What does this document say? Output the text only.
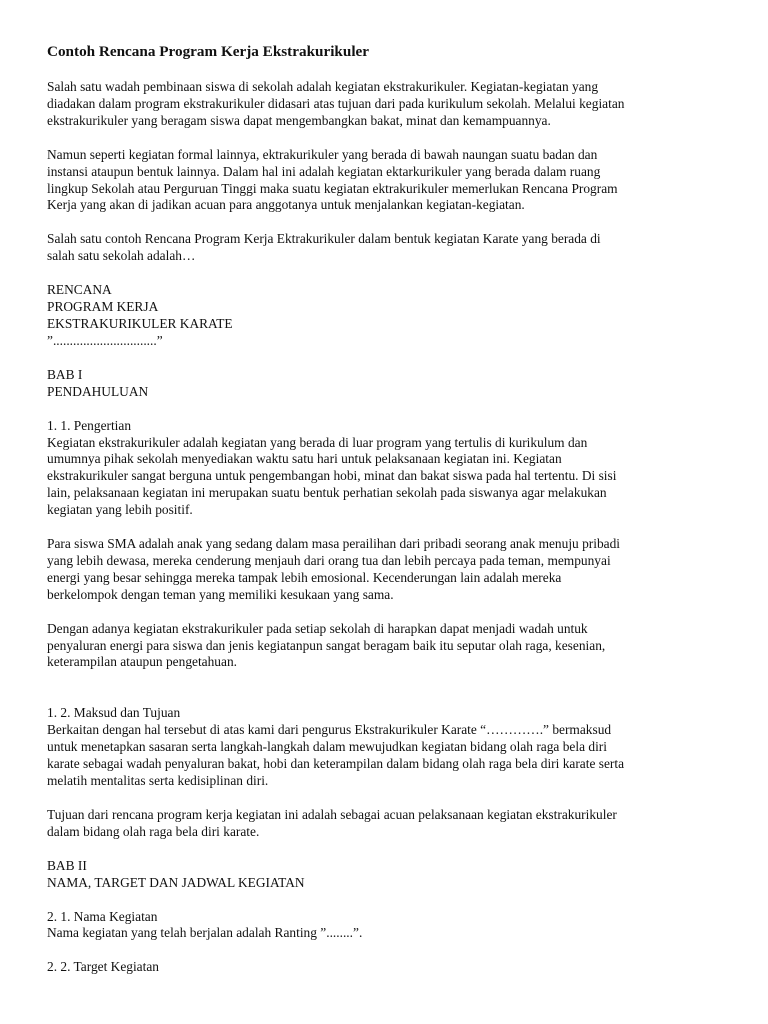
Contoh Rencana Program Kerja Ekstrakurikuler
Salah satu wadah pembinaan siswa di sekolah adalah kegiatan ekstrakurikuler. Kegiatan-kegiatan yang
diadakan dalam program ekstrakurikuler didasari atas tujuan dari pada kurikulum sekolah. Melalui kegiatan
ekstrakurikuler yang beragam siswa dapat mengembangkan bakat, minat dan kemampuannya.
Namun seperti kegiatan formal lainnya, ektrakurikuler yang berada di bawah naungan suatu badan dan
instansi ataupun bentuk lainnya. Dalam hal ini adalah kegiatan ektarkurikuler yang berada dalam ruang
lingkup Sekolah atau Perguruan Tinggi maka suatu kegiatan ektrakurikuler memerlukan Rencana Program
Kerja yang akan di jadikan acuan para anggotanya untuk menjalankan kegiatan-kegiatan.
Salah satu contoh Rencana Program Kerja Ektrakurikuler dalam bentuk kegiatan Karate yang berada di
salah satu sekolah adalah…
RENCANA
PROGRAM KERJA
EKSTRAKURIKULER KARATE
”...............................”
BAB I
PENDAHULUAN
1. 1. Pengertian
Kegiatan ekstrakurikuler adalah kegiatan yang berada di luar program yang tertulis di kurikulum dan
umumnya pihak sekolah menyediakan waktu satu hari untuk pelaksanaan kegiatan ini. Kegiatan
ekstrakurikuler sangat berguna untuk pengembangan hobi, minat dan bakat siswa pada hal tertentu. Di sisi
lain, pelaksanaan kegiatan ini merupakan suatu bentuk perhatian sekolah pada siswanya agar melakukan
kegiatan yang lebih positif.
Para siswa SMA adalah anak yang sedang dalam masa perailihan dari pribadi seorang anak menuju pribadi
yang lebih dewasa, mereka cenderung menjauh dari orang tua dan lebih percaya pada teman, mempunyai
energi yang besar sehingga mereka tampak lebih emosional. Kecenderungan lain adalah mereka
berkelompok dengan teman yang memiliki kesukaan yang sama.
Dengan adanya kegiatan ekstrakurikuler pada setiap sekolah di harapkan dapat menjadi wadah untuk
penyaluran energi para siswa dan jenis kegiatanpun sangat beragam baik itu seputar olah raga, kesenian,
keterampilan ataupun pengetahuan.
1. 2. Maksud dan Tujuan
Berkaitan dengan hal tersebut di atas kami dari pengurus Ekstrakurikuler Karate “………….” bermaksud
untuk menetapkan sasaran serta langkah-langkah dalam mewujudkan kegiatan bidang olah raga bela diri
karate sebagai wadah penyaluran bakat, hobi dan keterampilan dalam bidang olah raga bela diri karate serta
melatih mentalitas serta kedisiplinan diri.
Tujuan dari rencana program kerja kegiatan ini adalah sebagai acuan pelaksanaan kegiatan ekstrakurikuler
dalam bidang olah raga bela diri karate.
BAB II
NAMA, TARGET DAN JADWAL KEGIATAN
2. 1. Nama Kegiatan
Nama kegiatan yang telah berjalan adalah Ranting ”........”.
2. 2. Target Kegiatan
